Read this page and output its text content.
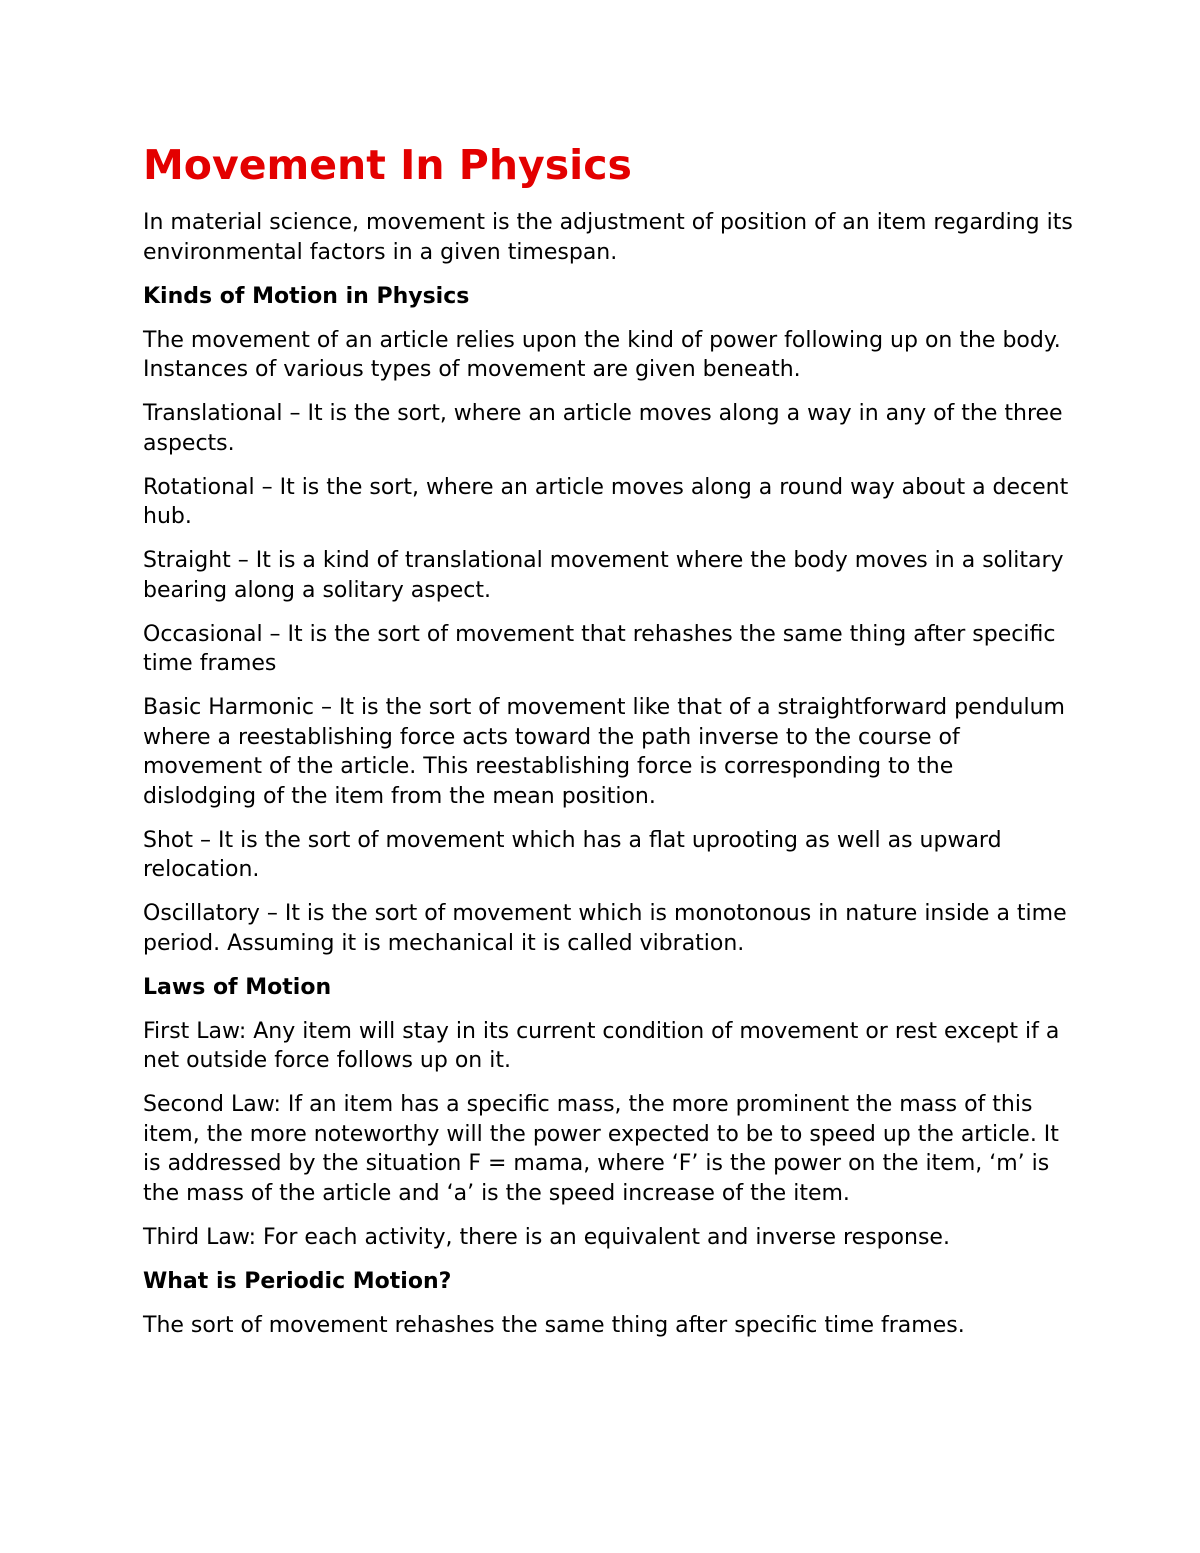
Movement In Physics

In material science, movement is the adjustment of position of an item regarding its environmental factors in a given timespan.

Kinds of Motion in Physics

The movement of an article relies upon the kind of power following up on the body. Instances of various types of movement are given beneath.

Translational – It is the sort, where an article moves along a way in any of the three aspects.

Rotational – It is the sort, where an article moves along a round way about a decent hub.

Straight – It is a kind of translational movement where the body moves in a solitary bearing along a solitary aspect.

Occasional – It is the sort of movement that rehashes the same thing after specific time frames

Basic Harmonic – It is the sort of movement like that of a straightforward pendulum where a reestablishing force acts toward the path inverse to the course of movement of the article. This reestablishing force is corresponding to the dislodging of the item from the mean position.

Shot – It is the sort of movement which has a flat uprooting as well as upward relocation.

Oscillatory – It is the sort of movement which is monotonous in nature inside a time period. Assuming it is mechanical it is called vibration.

Laws of Motion

First Law: Any item will stay in its current condition of movement or rest except if a net outside force follows up on it.

Second Law: If an item has a specific mass, the more prominent the mass of this item, the more noteworthy will the power expected to be to speed up the article. It is addressed by the situation F = mama, where ‘F’ is the power on the item, ‘m’ is the mass of the article and ‘a’ is the speed increase of the item.

Third Law: For each activity, there is an equivalent and inverse response.

What is Periodic Motion?

The sort of movement rehashes the same thing after specific time frames.
